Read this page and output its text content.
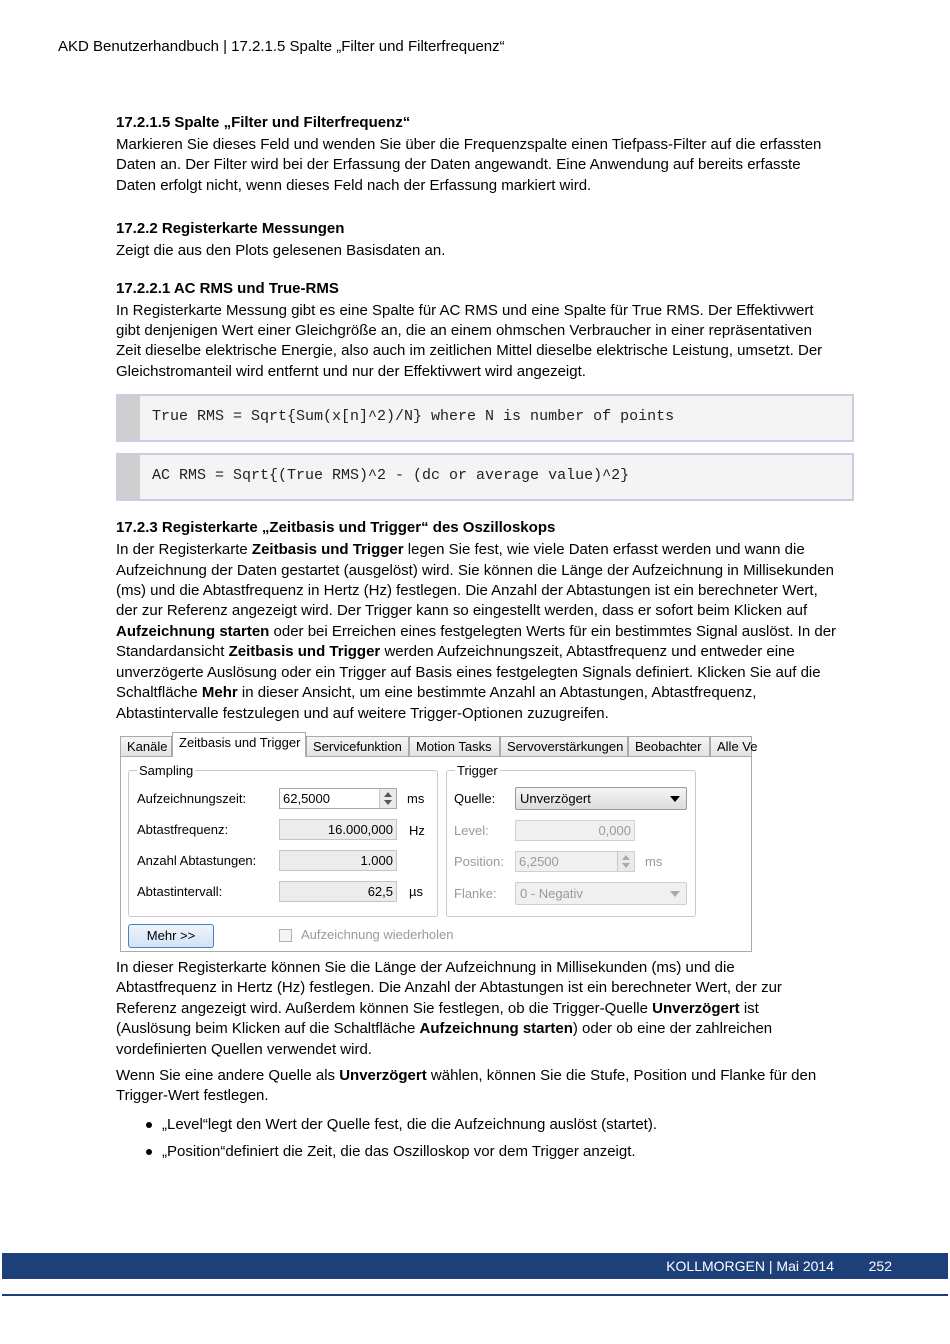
AKD Benutzerhandbuch | 17.2.1.5 Spalte „Filter und Filterfrequenz“
17.2.1.5 Spalte „Filter und Filterfrequenz“

Markieren Sie dieses Feld und wenden Sie über die Frequenzspalte einen Tiefpass-Filter auf die erfassten Daten an. Der Filter wird bei der Erfassung der Daten angewandt. Eine Anwendung auf bereits erfasste Daten erfolgt nicht, wenn dieses Feld nach der Erfassung markiert wird.

17.2.2 Registerkarte Messungen

Zeigt die aus den Plots gelesenen Basisdaten an.

17.2.2.1 AC RMS und True-RMS

In Registerkarte Messung gibt es eine Spalte für AC RMS und eine Spalte für True RMS. Der Effektivwert gibt denjenigen Wert einer Gleichgröße an, die an einem ohmschen Verbraucher in einer repräsentativen Zeit dieselbe elektrische Energie, also auch im zeitlichen Mittel dieselbe elektrische Leistung, umsetzt. Der Gleichstromanteil wird entfernt und nur der Effektivwert wird angezeigt.

True RMS = Sqrt{Sum(x[n]^2)/N} where N is number of points
AC RMS = Sqrt{(True RMS)^2 - (dc or average value)^2}
17.2.3 Registerkarte „Zeitbasis und Trigger“ des Oszilloskops

In der Registerkarte Zeitbasis und Trigger legen Sie fest, wie viele Daten erfasst werden und wann die Aufzeichnung der Daten gestartet (ausgelöst) wird. Sie können die Länge der Aufzeichnung in Millisekunden (ms) und die Abtastfrequenz in Hertz (Hz) festlegen. Die Anzahl der Abtastungen ist ein berechneter Wert, der zur Referenz angezeigt wird. Der Trigger kann so eingestellt werden, dass er sofort beim Klicken auf Aufzeichnung starten oder bei Erreichen eines festgelegten Werts für ein bestimmtes Signal auslöst. In der Standardansicht Zeitbasis und Trigger werden Aufzeichnungszeit, Abtastfrequenz und entweder eine unverzögerte Auslösung oder ein Trigger auf Basis eines festgelegten Signals definiert. Klicken Sie auf die Schaltfläche Mehr in dieser Ansicht, um eine bestimmte Anzahl an Abtastungen, Abtastfrequenz, Abtastintervalle festzulegen und auf weitere Trigger-Optionen zuzugreifen.

Kanäle Zeitbasis und Trigger Servicefunktion	Motion Tasks	Servoverstärkungen Beobachter	Alle Ve
Sampling
Aufzeichnungszeit:	62,5000	ms
Abtastfrequenz:	16.000,000	Hz
Anzahl Abtastungen:	1.000
Abtastintervall:	62,5	µs
Trigger
Quelle:	Unverzögert
Level:	0,000
Position:	6,2500	ms
Flanke:	0 - Negativ
Mehr >>	Aufzeichnung wiederholen

In dieser Registerkarte können Sie die Länge der Aufzeichnung in Millisekunden (ms) und die Abtastfrequenz in Hertz (Hz) festlegen. Die Anzahl der Abtastungen ist ein berechneter Wert, der zur Referenz angezeigt wird. Außerdem können Sie festlegen, ob die Trigger-Quelle Unverzögert ist (Auslösung beim Klicken auf die Schaltfläche Aufzeichnung starten) oder ob eine der zahlreichen vordefinierten Quellen verwendet wird.

Wenn Sie eine andere Quelle als Unverzögert wählen, können Sie die Stufe, Position und Flanke für den Trigger-Wert festlegen.

„Level“legt den Wert der Quelle fest, die die Aufzeichnung auslöst (startet).
„Position“definiert die Zeit, die das Oszilloskop vor dem Trigger anzeigt.
KOLLMORGEN | Mai 2014 252
